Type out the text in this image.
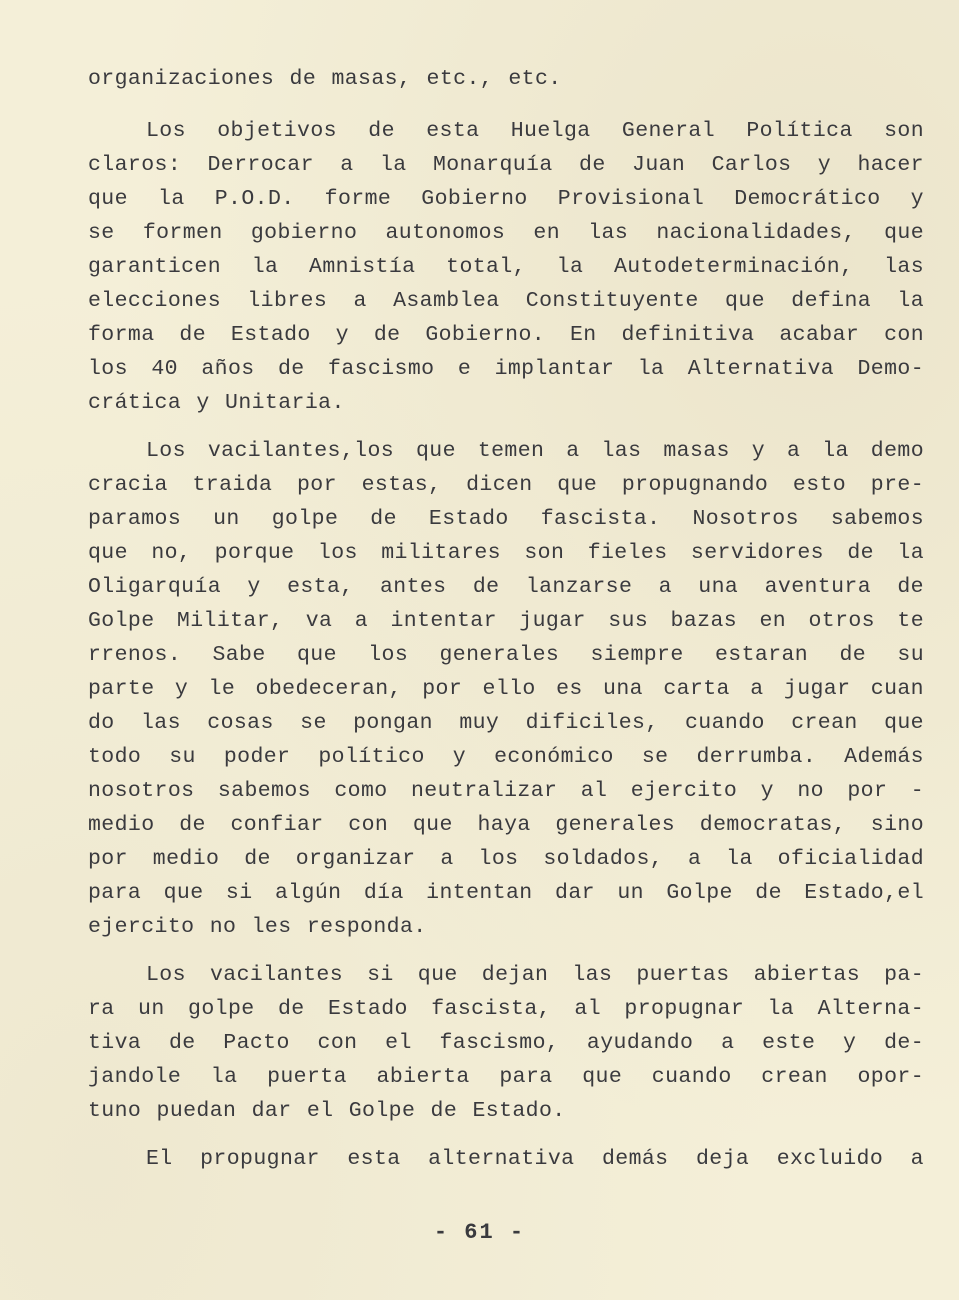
organizaciones de masas, etc., etc.
Los objetivos de esta Huelga General Política son
claros: Derrocar a la Monarquía de Juan Carlos y hacer
que la P.O.D. forme Gobierno Provisional Democrático y
se formen gobierno autonomos en las nacionalidades, que
garanticen la Amnistía total, la Autodeterminación, las
elecciones libres a Asamblea Constituyente que defina la
forma de Estado y de Gobierno. En definitiva acabar con
los 40 años de fascismo e implantar la Alternativa Demo-
crática y Unitaria.
Los vacilantes,los que temen a las masas y a la demo
cracia traida por estas, dicen que propugnando esto pre-
paramos un golpe de Estado fascista. Nosotros sabemos
que no, porque los militares son fieles servidores de la
Oligarquía y esta, antes de lanzarse a una aventura de
Golpe Militar, va a intentar jugar sus bazas en otros te
rrenos. Sabe que los generales siempre estaran de su
parte y le obedeceran, por ello es una carta a jugar cuan
do las cosas se pongan muy dificiles, cuando crean que
todo su poder político y económico se derrumba. Además
nosotros sabemos como neutralizar al ejercito y no por -
medio de confiar con que haya generales democratas, sino
por medio de organizar a los soldados, a la oficialidad
para que si algún día intentan dar un Golpe de Estado,el
ejercito no les responda.
Los vacilantes si que dejan las puertas abiertas pa-
ra un golpe de Estado fascista, al propugnar la Alterna-
tiva de Pacto con el fascismo, ayudando a este y de-
jandole la puerta abierta para que cuando crean opor-
tuno puedan dar el Golpe de Estado.
El propugnar esta alternativa demás deja excluido a
- 61 -
